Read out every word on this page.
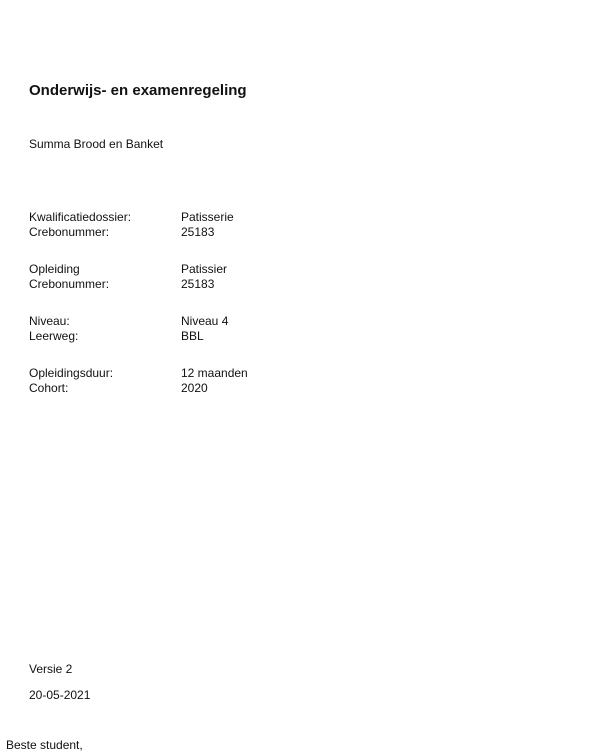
Onderwijs- en examenregeling
Summa Brood en Banket
Kwalificatiedossier:	Patisserie
Crebonummer:	25183
Opleiding	Patissier
Crebonummer:	25183
Niveau:	Niveau 4
Leerweg:	BBL
Opleidingsduur:	12 maanden
Cohort:	2020
Versie 2
20-05-2021
Beste student,
